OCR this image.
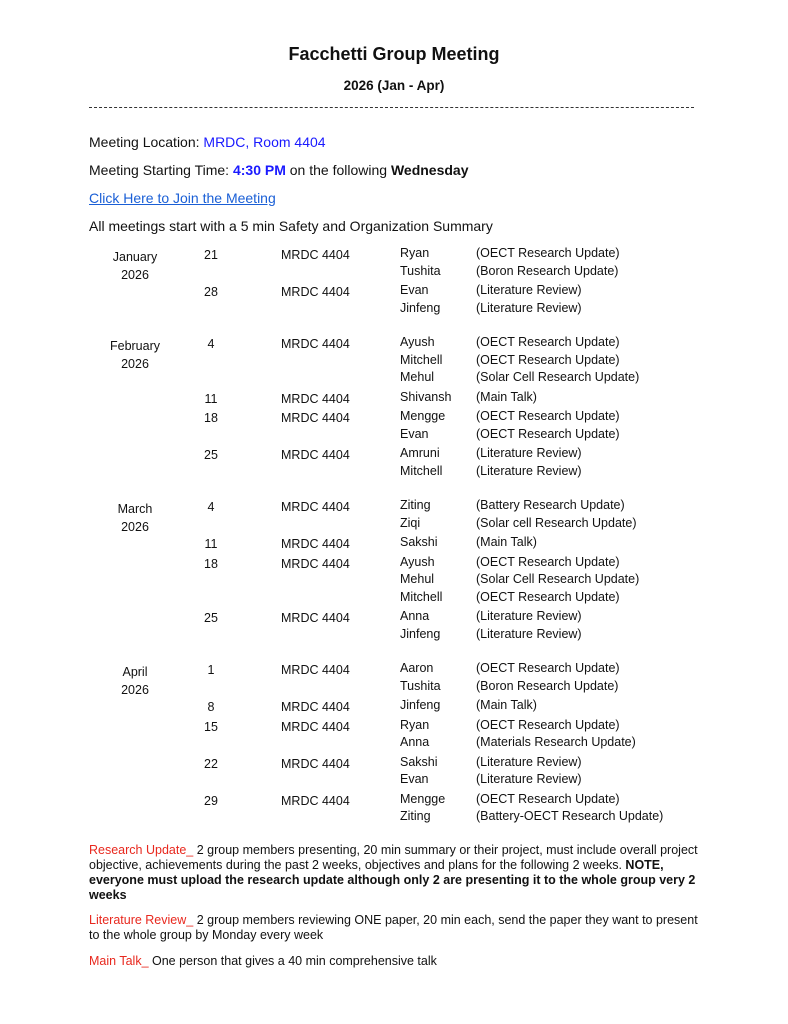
Facchetti Group Meeting
2026 (Jan - Apr)
Meeting Location: MRDC, Room 4404
Meeting Starting Time: 4:30 PM on the following Wednesday
Click Here to Join the Meeting
All meetings start with a 5 min Safety and Organization Summary
January
2026
21	MRDC 4404	Ryan	(OECT Research Update)
Tushita	(Boron Research Update)
28	MRDC 4404	Evan	(Literature Review)
Jinfeng	(Literature Review)
February
2026
4	MRDC 4404	Ayush	(OECT Research Update)
Mitchell	(OECT Research Update)
Mehul	(Solar Cell Research Update)
11	MRDC 4404	Shivansh (Main Talk)
18	MRDC 4404	Mengge (OECT Research Update)
Evan	(OECT Research Update)
25	MRDC 4404	Amruni	(Literature Review)
Mitchell	(Literature Review)
March
2026
4	MRDC 4404	Ziting	(Battery Research Update)
Ziqi	(Solar cell Research Update)
11	MRDC 4404	Sakshi	(Main Talk)
18	MRDC 4404	Ayush	(OECT Research Update)
Mehul	(Solar Cell Research Update)
Mitchell	(OECT Research Update)
25	MRDC 4404	Anna	(Literature Review)
Jinfeng	(Literature Review)
April
2026
1	MRDC 4404	Aaron	(OECT Research Update)
Tushita	(Boron Research Update)
8	MRDC 4404	Jinfeng	(Main Talk)
15	MRDC 4404	Ryan	(OECT Research Update)
Anna	(Materials Research Update)
22	MRDC 4404	Sakshi	(Literature Review)
Evan	(Literature Review)
29	MRDC 4404	Mengge (OECT Research Update)
Ziting	(Battery-OECT Research Update)
Research Update_ 2 group members presenting, 20 min summary or their project, must include overall project objective, achievements during the past 2 weeks, objectives and plans for the following 2 weeks. NOTE, everyone must upload the research update although only 2 are presenting it to the whole group very 2 weeks
Literature Review_ 2 group members reviewing ONE paper, 20 min each, send the paper they want to present to the whole group by Monday every week
Main Talk_ One person that gives a 40 min comprehensive talk
